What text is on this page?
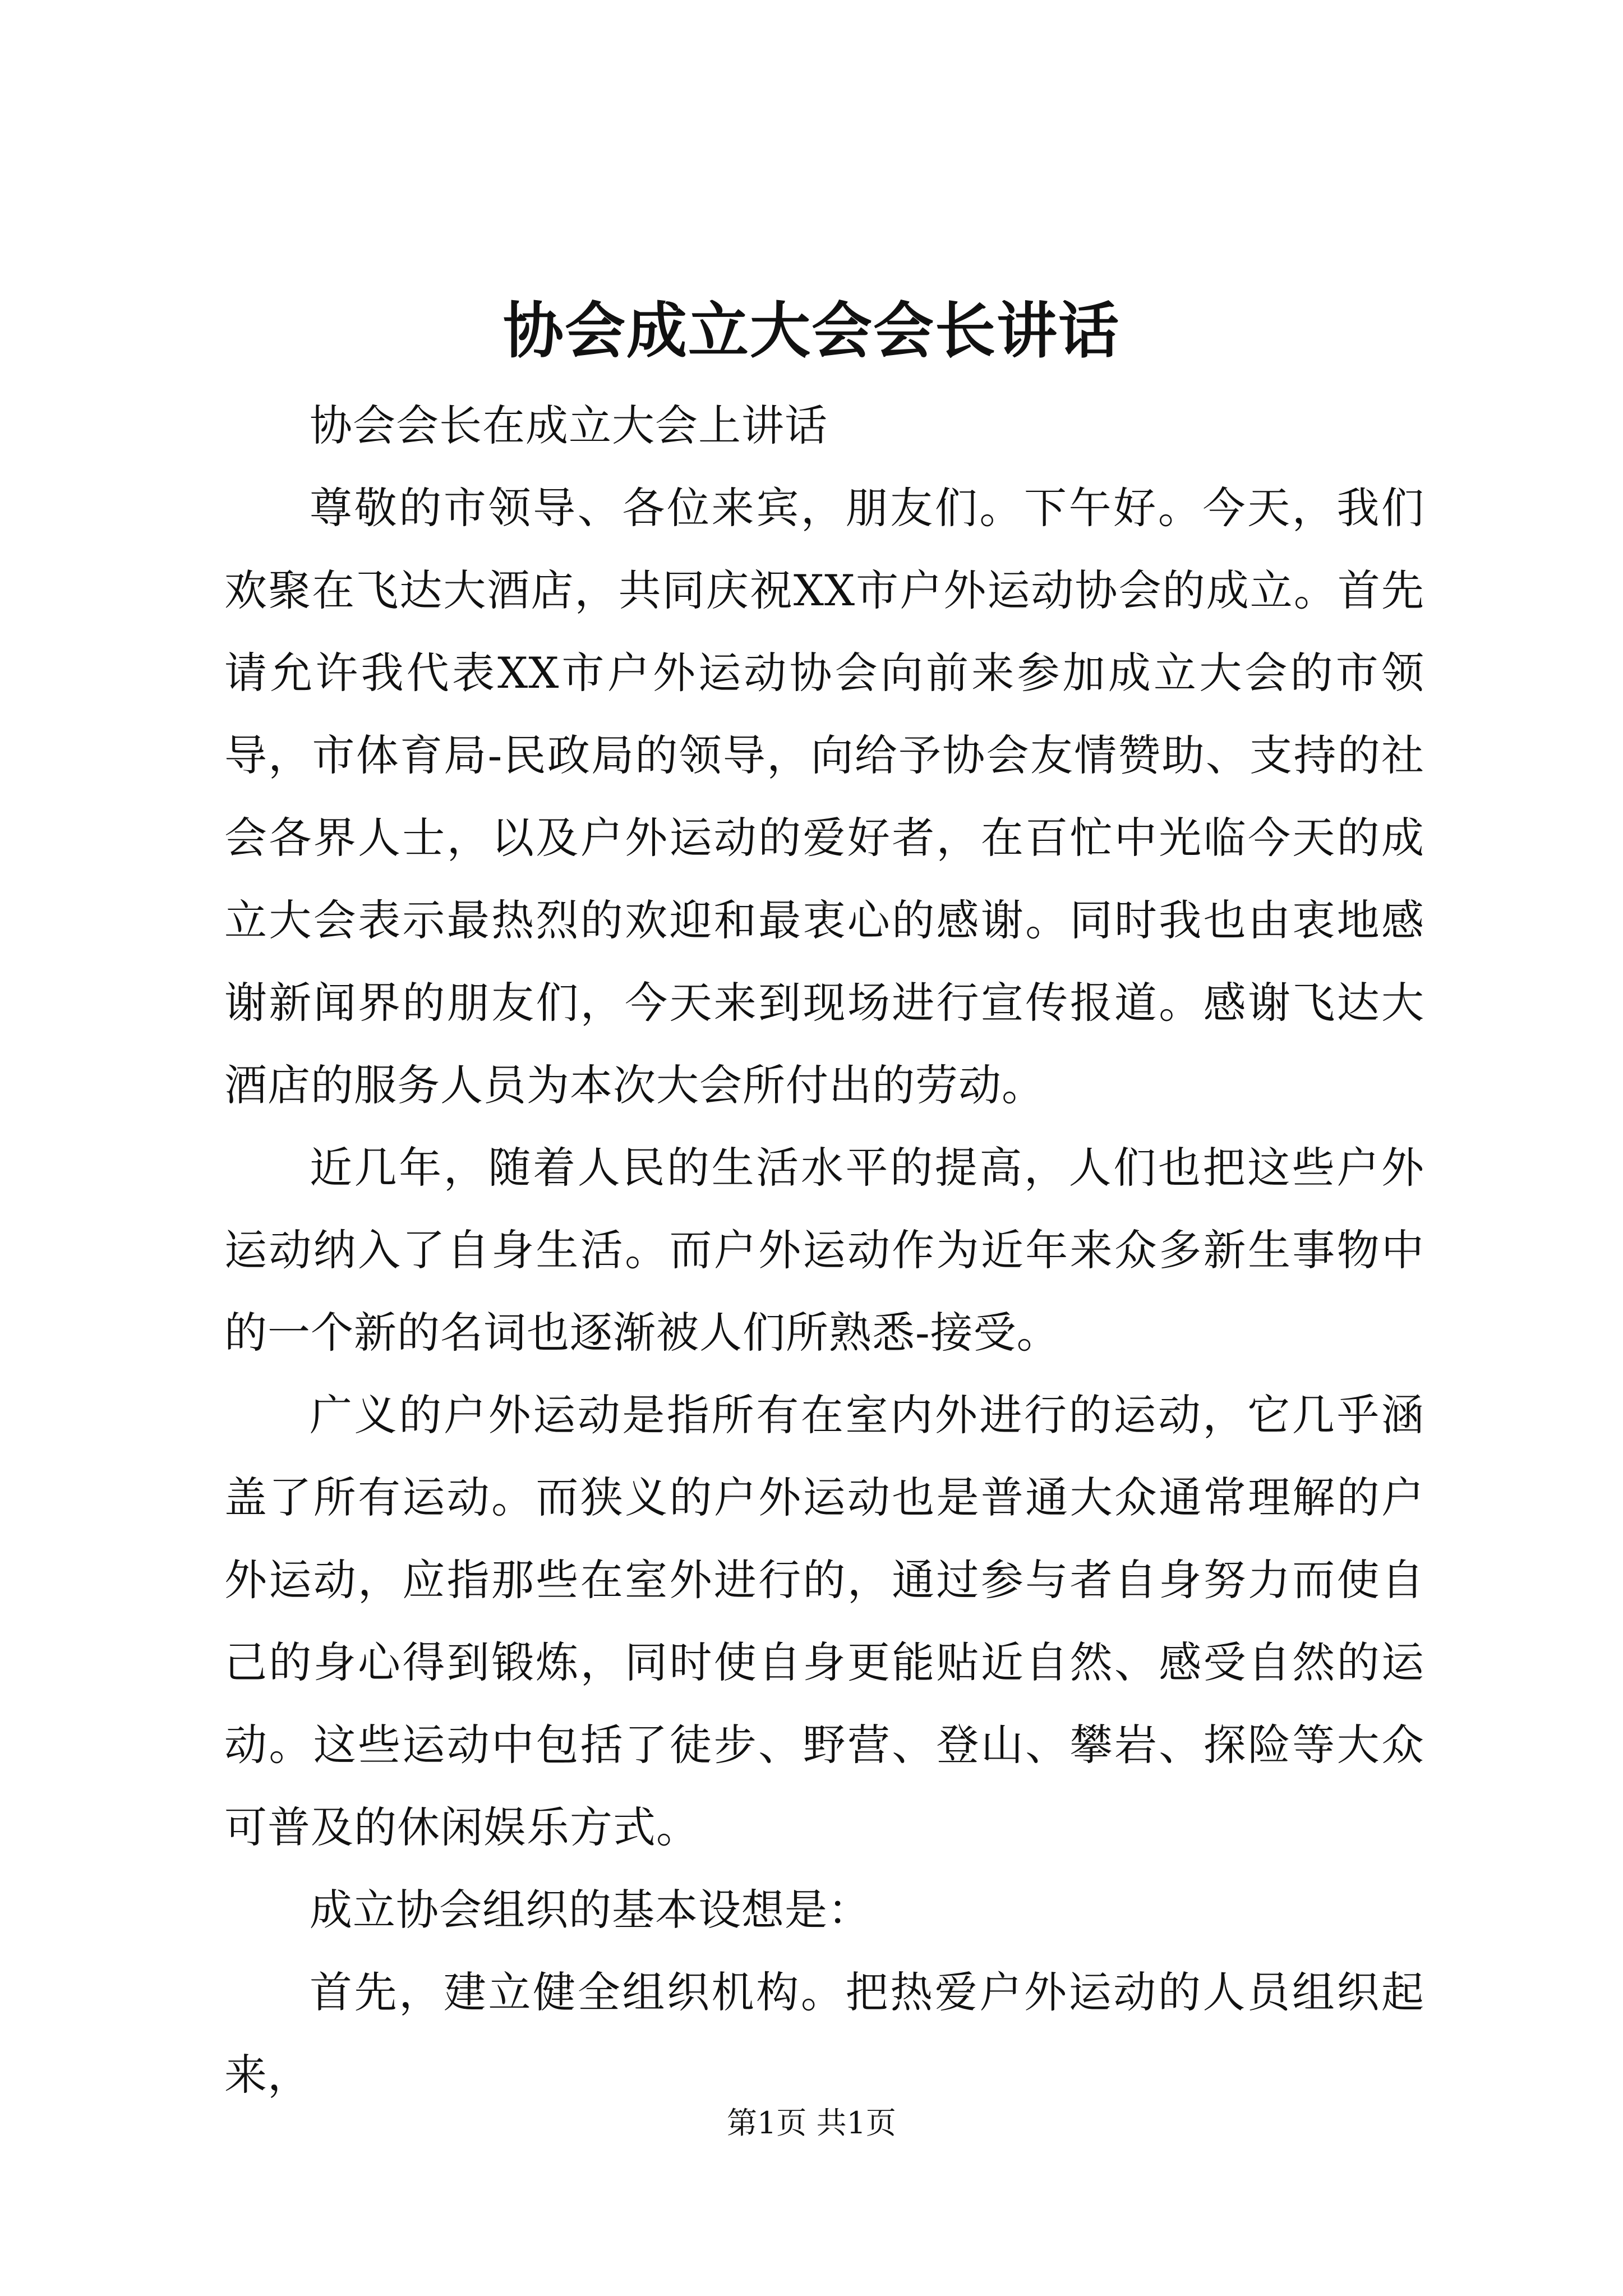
协会成立大会会长讲话

协会会长在成立大会上讲话

尊敬的市领导、各位来宾，朋友们。下午好。今天，我们欢聚在飞达大酒店，共同庆祝XX市户外运动协会的成立。首先请允许我代表XX市户外运动协会向前来参加成立大会的市领导，市体育局-民政局的领导，向给予协会友情赞助、支持的社会各界人士，以及户外运动的爱好者，在百忙中光临今天的成立大会表示最热烈的欢迎和最衷心的感谢。同时我也由衷地感谢新闻界的朋友们，今天来到现场进行宣传报道。感谢飞达大酒店的服务人员为本次大会所付出的劳动。

近几年，随着人民的生活水平的提高，人们也把这些户外运动纳入了自身生活。而户外运动作为近年来众多新生事物中的一个新的名词也逐渐被人们所熟悉-接受。

广义的户外运动是指所有在室内外进行的运动，它几乎涵盖了所有运动。而狭义的户外运动也是普通大众通常理解的户外运动，应指那些在室外进行的，通过参与者自身努力而使自己的身心得到锻炼，同时使自身更能贴近自然、感受自然的运动。这些运动中包括了徒步、野营、登山、攀岩、探险等大众可普及的休闲娱乐方式。

成立协会组织的基本设想是：

首先，建立健全组织机构。把热爱户外运动的人员组织起来，

第1页 共1页
